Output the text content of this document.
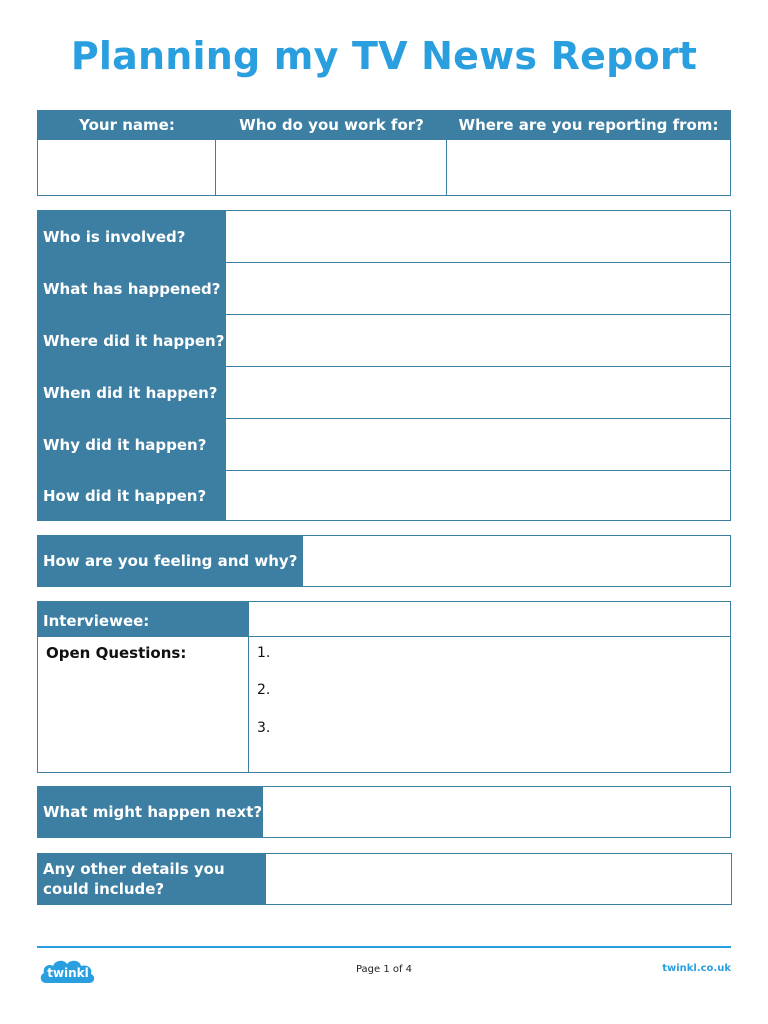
Planning my TV News Report
Your name:	Who do you work for?	Where are you reporting from:
Who is involved?
What has happened?
Where did it happen?
When did it happen?
Why did it happen?
How did it happen?
How are you feeling and why?
Interviewee:
Open Questions:	1.
2.
3.
What might happen next?
Any other details you
could include?
twinkl	Page 1 of 4	twinkl.co.uk
